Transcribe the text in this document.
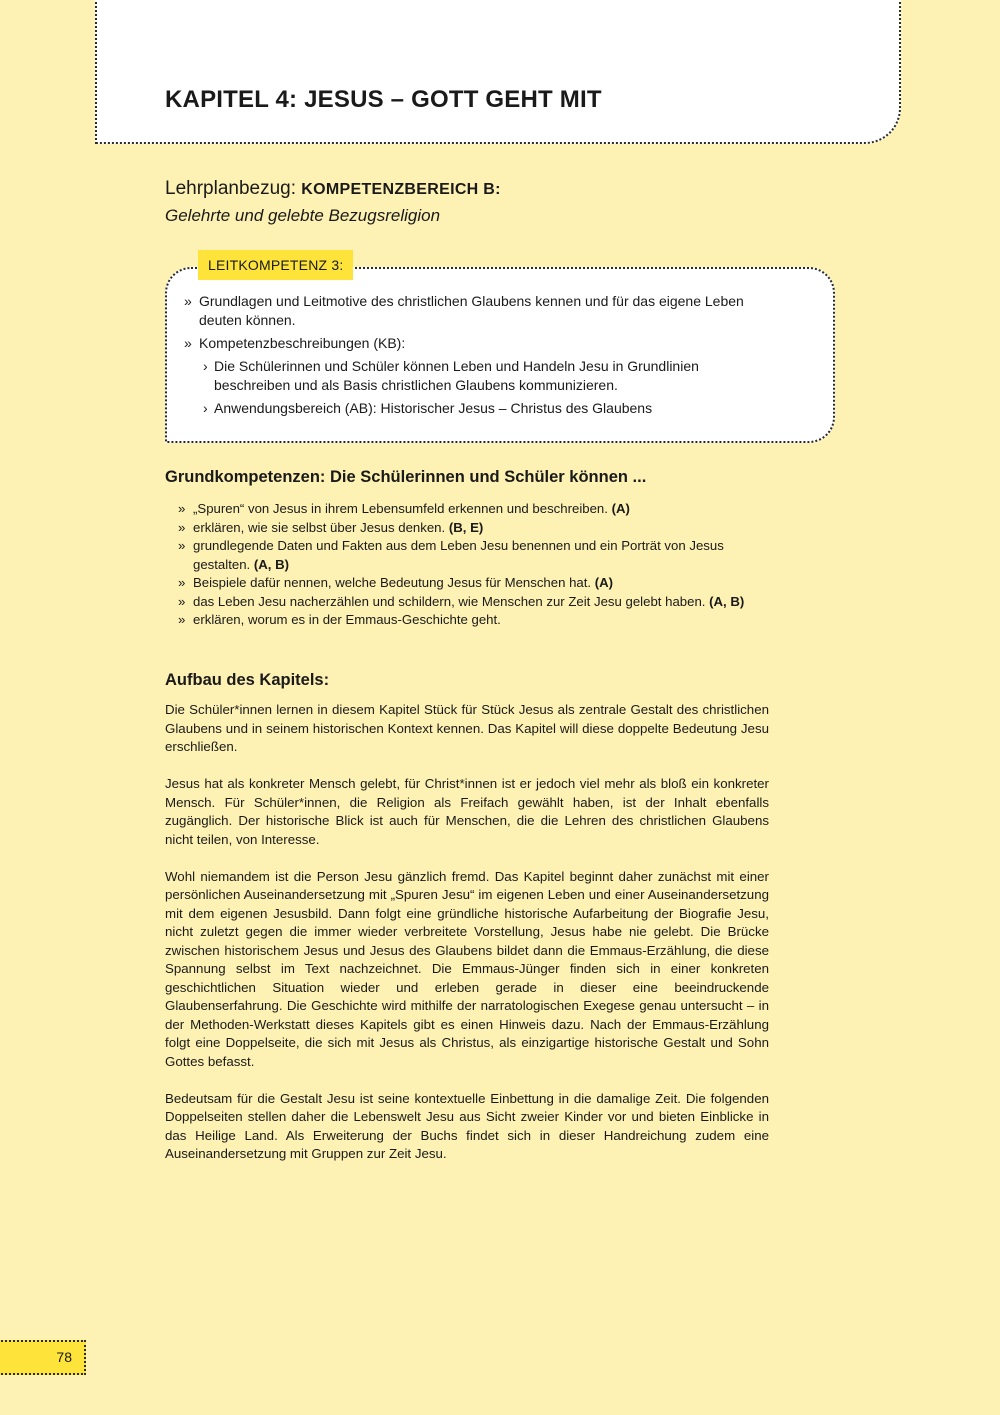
KAPITEL 4: JESUS – GOTT GEHT MIT

Lehrplanbezug: KOMPETENZBEREICH B:

Gelehrte und gelebte Bezugsreligion

LEITKOMPETENZ 3:
» Grundlagen und Leitmotive des christlichen Glaubens kennen und für das eigene Leben deuten können.
» Kompetenzbeschreibungen (KB):
› Die Schülerinnen und Schüler können Leben und Handeln Jesu in Grundlinien beschreiben und als Basis christlichen Glaubens kommunizieren.
› Anwendungsbereich (AB): Historischer Jesus – Christus des Glaubens
Grundkompetenzen: Die Schülerinnen und Schüler können ...
» „Spuren“ von Jesus in ihrem Lebensumfeld erkennen und beschreiben. (A)
» erklären, wie sie selbst über Jesus denken. (B, E)
» grundlegende Daten und Fakten aus dem Leben Jesu benennen und ein Porträt von Jesus gestalten. (A, B)
» Beispiele dafür nennen, welche Bedeutung Jesus für Menschen hat. (A)
» das Leben Jesu nacherzählen und schildern, wie Menschen zur Zeit Jesu gelebt haben. (A, B)
» erklären, worum es in der Emmaus-Geschichte geht.
Aufbau des Kapitels:

Die Schüler*innen lernen in diesem Kapitel Stück für Stück Jesus als zentrale Gestalt des christlichen Glaubens und in seinem historischen Kontext kennen. Das Kapitel will diese doppelte Bedeutung Jesu erschließen.

Jesus hat als konkreter Mensch gelebt, für Christ*innen ist er jedoch viel mehr als bloß ein konkreter Mensch. Für Schüler*innen, die Religion als Freifach gewählt haben, ist der Inhalt ebenfalls zugänglich. Der historische Blick ist auch für Menschen, die die Lehren des christlichen Glaubens nicht teilen, von Interesse.

Wohl niemandem ist die Person Jesu gänzlich fremd. Das Kapitel beginnt daher zunächst mit einer persönlichen Auseinandersetzung mit „Spuren Jesu“ im eigenen Leben und einer Auseinandersetzung mit dem eigenen Jesusbild. Dann folgt eine gründliche historische Aufarbeitung der Biografie Jesu, nicht zuletzt gegen die immer wieder verbreitete Vorstellung, Jesus habe nie gelebt. Die Brücke zwischen historischem Jesus und Jesus des Glaubens bildet dann die Emmaus-Erzählung, die diese Spannung selbst im Text nachzeichnet. Die Emmaus-Jünger finden sich in einer konkreten geschichtlichen Situation wieder und erleben gerade in dieser eine beeindruckende Glaubenserfahrung. Die Geschichte wird mithilfe der narratologischen Exegese genau untersucht – in der Methoden-Werkstatt dieses Kapitels gibt es einen Hinweis dazu. Nach der Emmaus-Erzählung folgt eine Doppelseite, die sich mit Jesus als Christus, als einzigartige historische Gestalt und Sohn Gottes befasst.

Bedeutsam für die Gestalt Jesu ist seine kontextuelle Einbettung in die damalige Zeit. Die folgenden Doppelseiten stellen daher die Lebenswelt Jesu aus Sicht zweier Kinder vor und bieten Einblicke in das Heilige Land. Als Erweiterung der Buchs findet sich in dieser Handreichung zudem eine Auseinandersetzung mit Gruppen zur Zeit Jesu.

78
